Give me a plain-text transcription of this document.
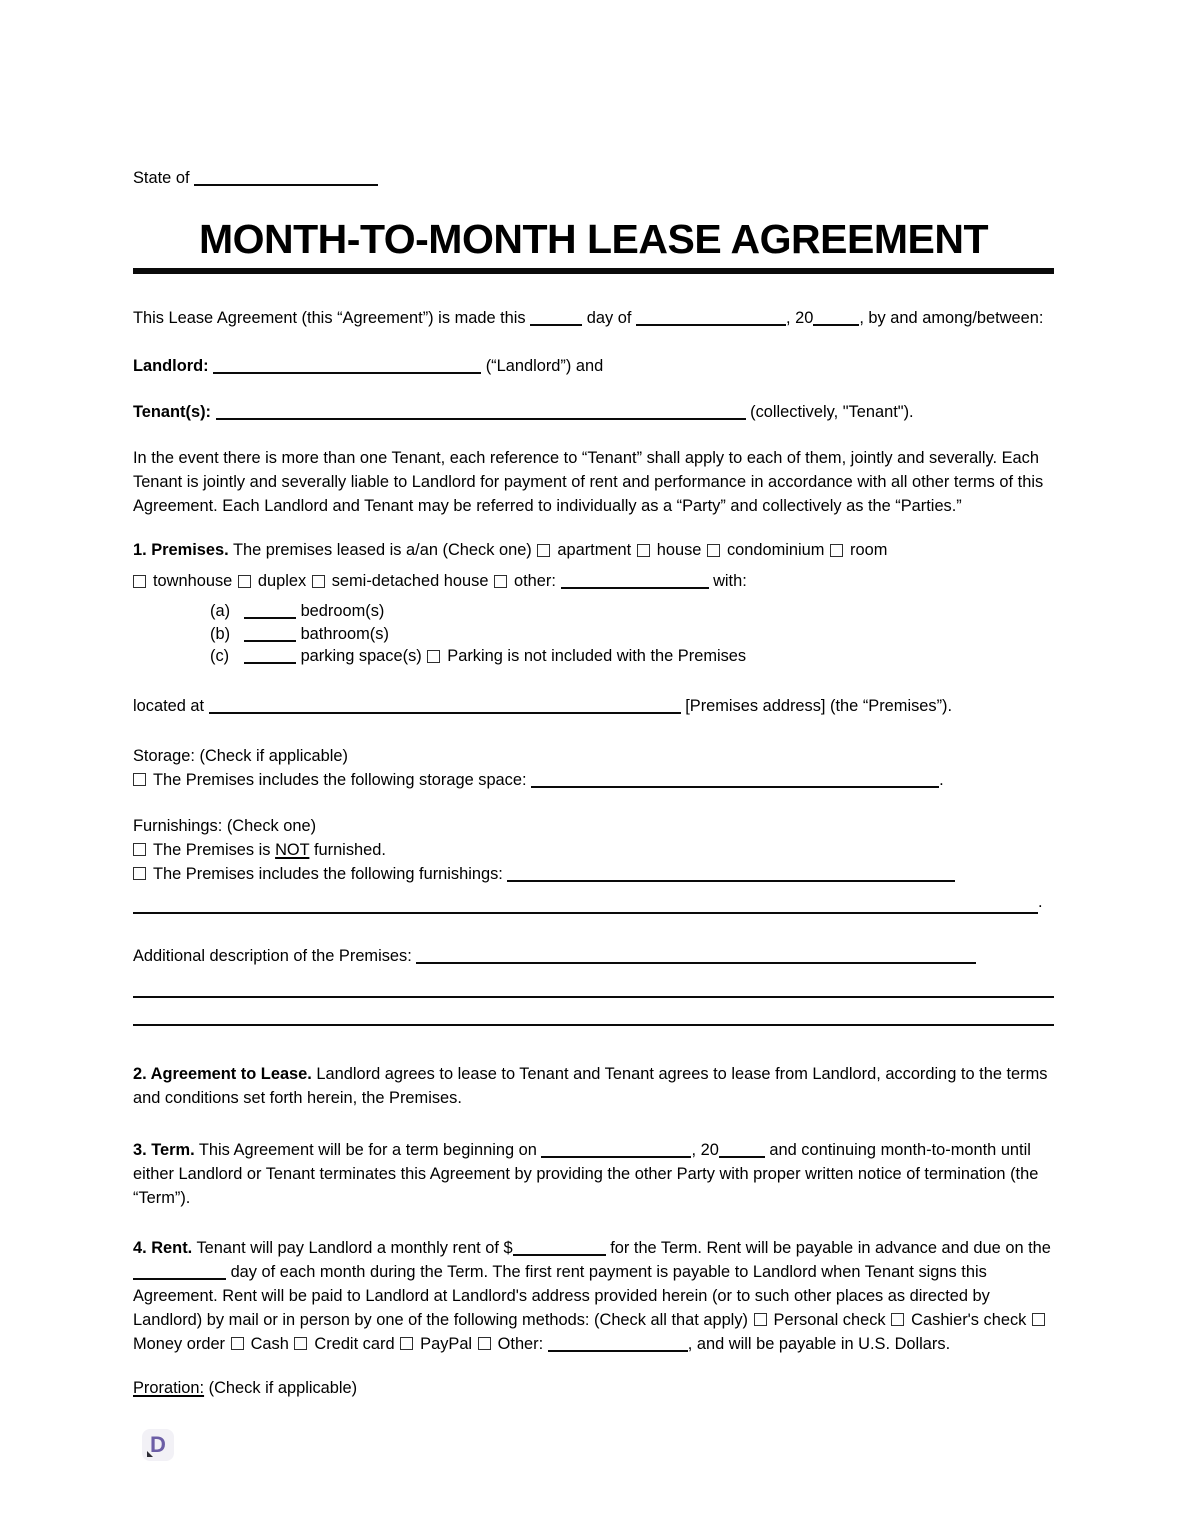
State of
MONTH-TO-MONTH LEASE AGREEMENT
This Lease Agreement (this “Agreement”) is made this	day of	, 20	, by and among/between:
Landlord:	(“Landlord”) and
Tenant(s):	(collectively, "Tenant").
In the event there is more than one Tenant, each reference to “Tenant” shall apply to each of them, jointly and severally. Each Tenant is jointly and severally liable to Landlord for payment of rent and performance in accordance with all other terms of this Agreement. Each Landlord and Tenant may be referred to individually as a “Party” and collectively as the “Parties.”
1. Premises. The premises leased is a/an (Check one) apartment house condominium room
townhouse duplex semi-detached house other:	with:
(a)	bedroom(s)
(b)	bathroom(s)
(c)	parking space(s) Parking is not included with the Premises
located at	[Premises address] (the “Premises”).
Storage: (Check if applicable)
The Premises includes the following storage space:	.
Furnishings: (Check one)
The Premises is NOT furnished.
The Premises includes the following furnishings:
.
Additional description of the Premises:
2. Agreement to Lease. Landlord agrees to lease to Tenant and Tenant agrees to lease from Landlord, according to the terms and conditions set forth herein, the Premises.
3. Term. This Agreement will be for a term beginning on	, 20	and continuing month-to-month until either Landlord or Tenant terminates this Agreement by providing the other Party with proper written notice of termination (the “Term”).
4. Rent. Tenant will pay Landlord a monthly rent of $	for the Term. Rent will be payable in advance and due on the  day of each month during the Term. The first rent payment is payable to Landlord when Tenant signs this Agreement. Rent will be paid to Landlord at Landlord's address provided herein (or to such other places as directed by Landlord) by mail or in person by one of the following methods: (Check all that apply) Personal check Cashier's check Money order Cash Credit card PayPal Other:	, and will be payable in U.S. Dollars.
Proration: (Check if applicable)
D
